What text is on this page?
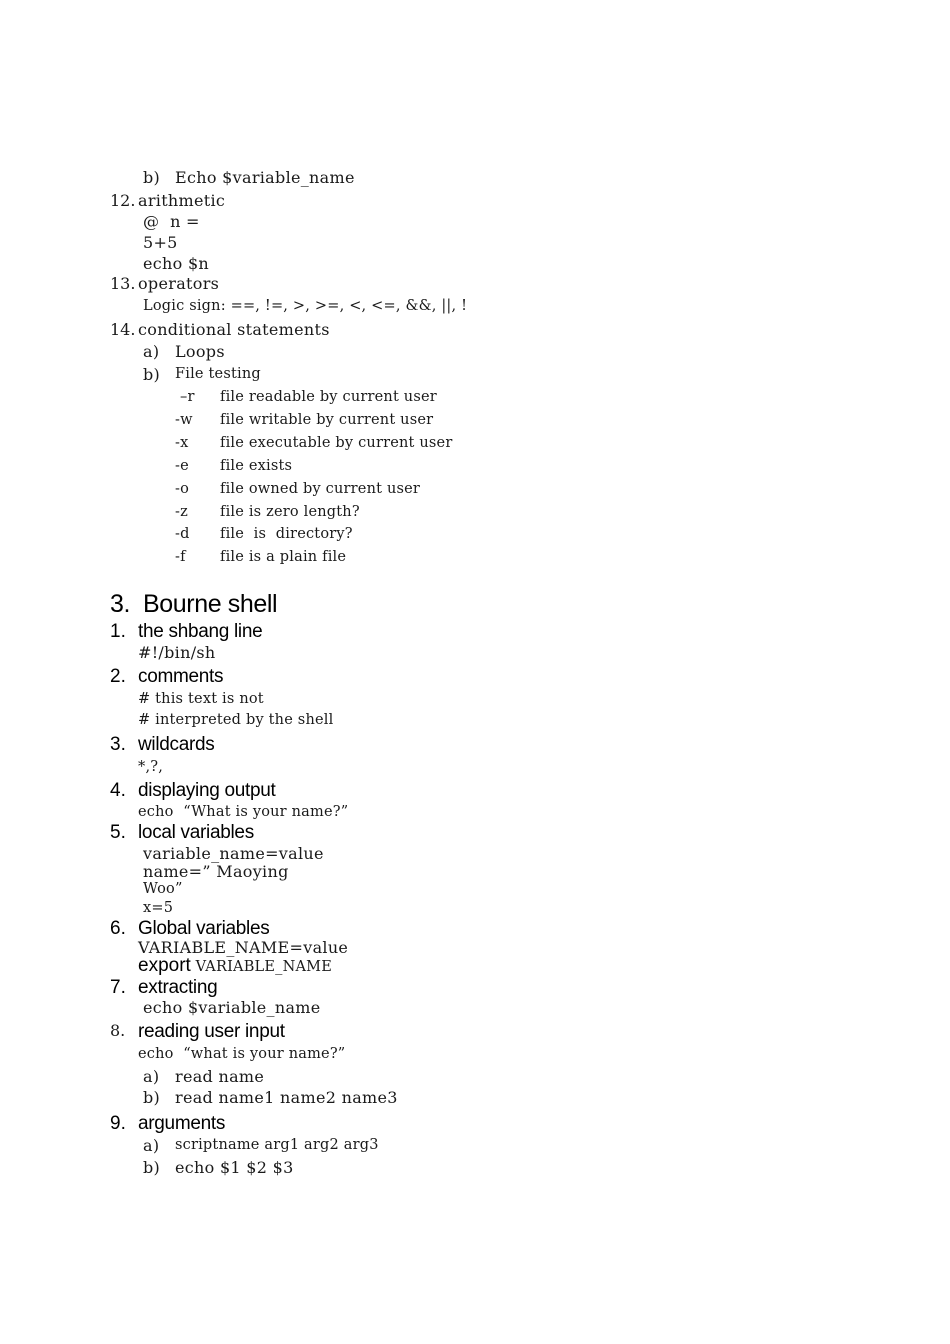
b) Echo $variable_name
12. arithmetic
@  n =
5+5
echo $n
13. operators
Logic sign: ==, !=, >, >=, <, <=, &&, ||, !
14. conditional statements
a) Loops
b) File testing
–r file readable by current user
-w file writable by current user
-x file executable by current user
-e file exists
-o file owned by current user
-z file is zero length?
-d file  is  directory?
-f file is a plain file
3. Bourne shell
1. the shbang line
#!/bin/sh
2. comments
# this text is not
# interpreted by the shell
3. wildcards
*,?,
4. displaying output
echo  “What is your name?”
5. local variables
variable_name=value
name=” Maoying
Woo”
x=5
6. Global variables
VARIABLE_NAME=value
export VARIABLE_NAME
7. extracting
echo $variable_name
8. reading user input
echo  “what is your name?”
a) read name
b) read name1 name2 name3
9. arguments
a) scriptname arg1 arg2 arg3
b) echo $1 $2 $3
